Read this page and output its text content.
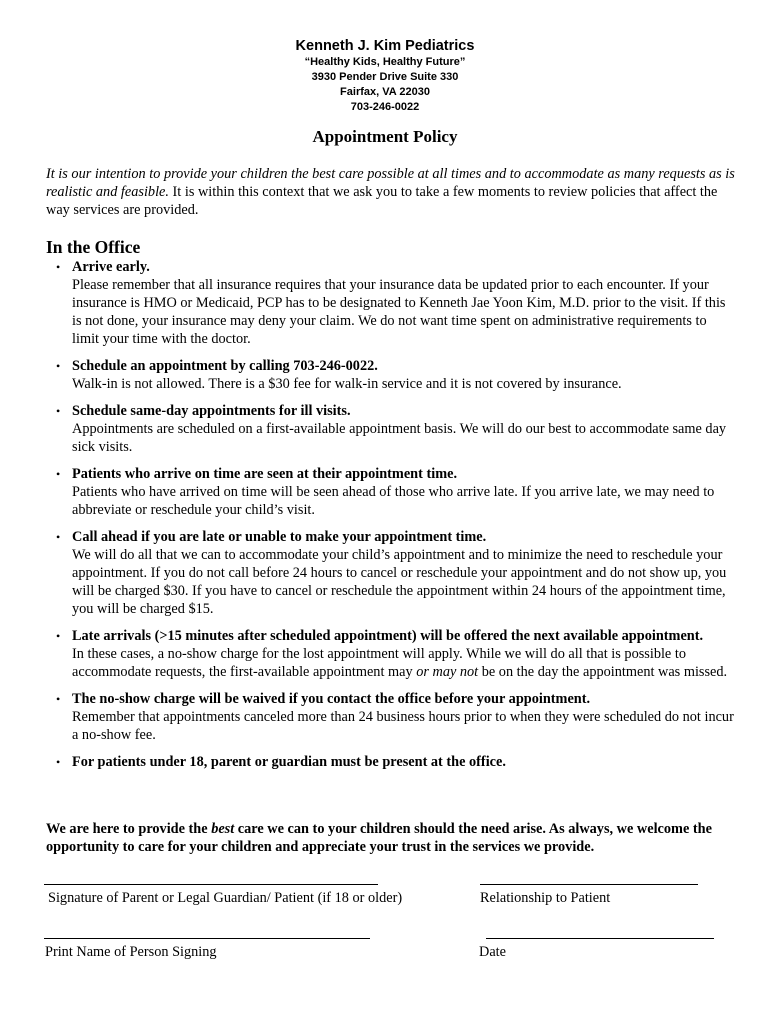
Kenneth J. Kim Pediatrics
“Healthy Kids, Healthy Future”
3930 Pender Drive Suite 330
Fairfax, VA 22030
703-246-0022
Appointment Policy
It is our intention to provide your children the best care possible at all times and to accommodate as many requests as is realistic and feasible. It is within this context that we ask you to take a few moments to review policies that affect the way services are provided.
In the Office
• Arrive early.
Please remember that all insurance requires that your insurance data be updated prior to each encounter. If your insurance is HMO or Medicaid, PCP has to be designated to Kenneth Jae Yoon Kim, M.D. prior to the visit. If this is not done, your insurance may deny your claim. We do not want time spent on administrative requirements to limit your time with the doctor.
• Schedule an appointment by calling 703-246-0022.
Walk-in is not allowed. There is a $30 fee for walk-in service and it is not covered by insurance.
• Schedule same-day appointments for ill visits.
Appointments are scheduled on a first-available appointment basis. We will do our best to accommodate same day sick visits.
• Patients who arrive on time are seen at their appointment time.
Patients who have arrived on time will be seen ahead of those who arrive late. If you arrive late, we may need to abbreviate or reschedule your child’s visit.
• Call ahead if you are late or unable to make your appointment time.
We will do all that we can to accommodate your child’s appointment and to minimize the need to reschedule your appointment. If you do not call before 24 hours to cancel or reschedule your appointment and do not show up, you will be charged $30. If you have to cancel or reschedule the appointment within 24 hours of the appointment time, you will be charged $15.
• Late arrivals (>15 minutes after scheduled appointment) will be offered the next available appointment.
In these cases, a no-show charge for the lost appointment will apply. While we will do all that is possible to accommodate requests, the first-available appointment may or may not be on the day the appointment was missed.
• The no-show charge will be waived if you contact the office before your appointment.
Remember that appointments canceled more than 24 business hours prior to when they were scheduled do not incur a no-show fee.
• For patients under 18, parent or guardian must be present at the office.
We are here to provide the best care we can to your children should the need arise. As always, we welcome the opportunity to care for your children and appreciate your trust in the services we provide.
Signature of Parent or Legal Guardian/ Patient (if 18 or older)	Relationship to Patient
Print Name of Person Signing	Date
